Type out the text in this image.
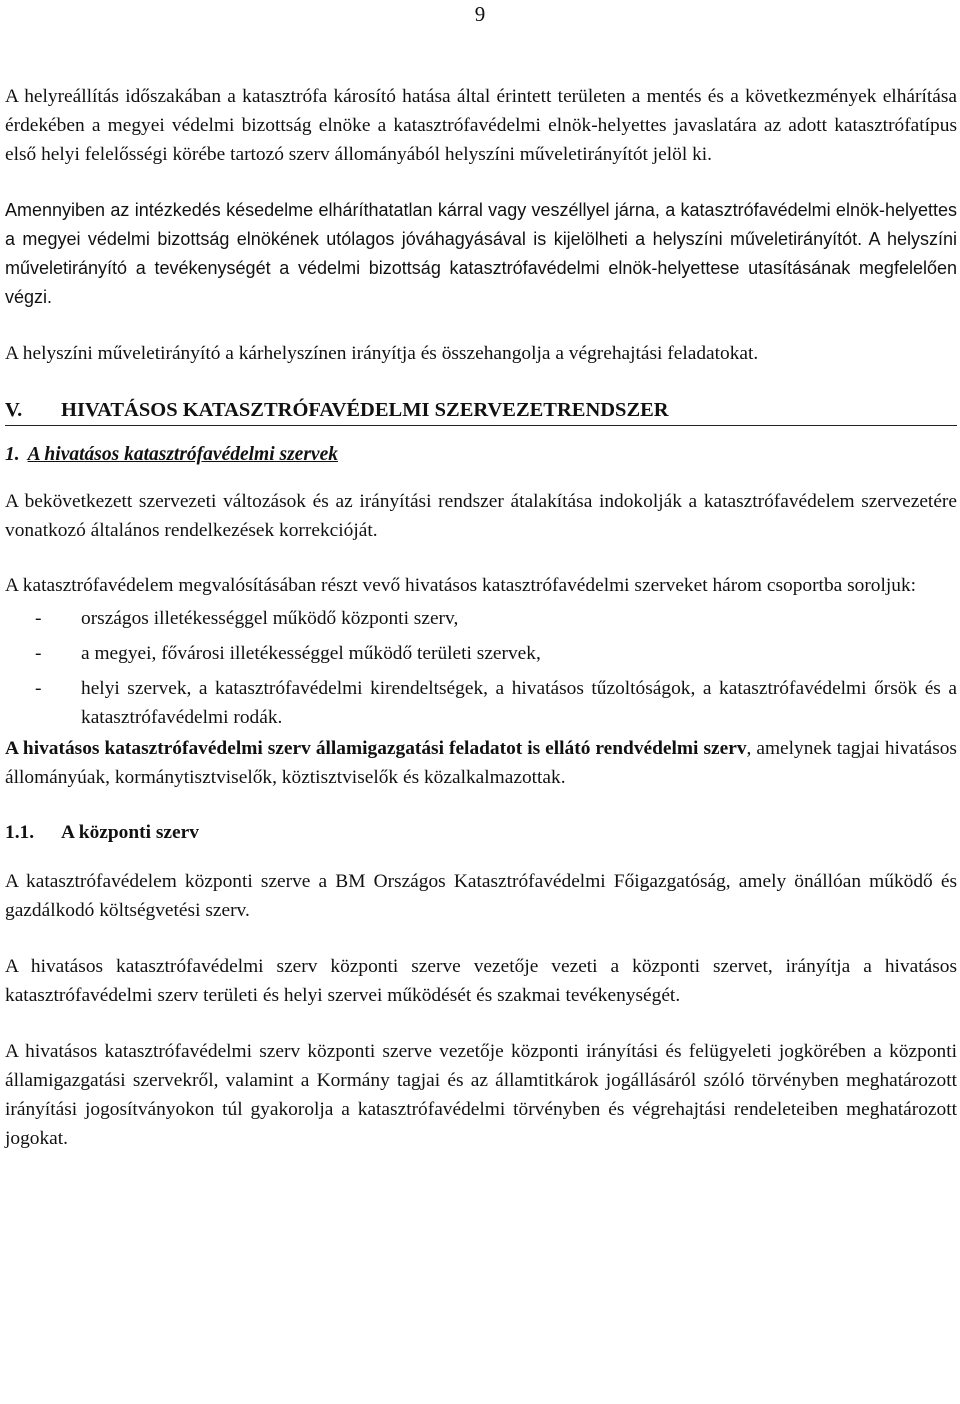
9

A helyreállítás időszakában a katasztrófa károsító hatása által érintett területen a mentés és a következmények elhárítása érdekében a megyei védelmi bizottság elnöke a katasztrófavédelmi elnök-helyettes javaslatára az adott katasztrófatípus első helyi felelősségi körébe tartozó szerv állományából helyszíni műveletirányítót jelöl ki.

Amennyiben az intézkedés késedelme elháríthatatlan kárral vagy veszéllyel járna, a katasztrófavédelmi elnök-helyettes a megyei védelmi bizottság elnökének utólagos jóváhagyásával is kijelölheti a helyszíni műveletirányítót. A helyszíni műveletirányító a tevékenységét a védelmi bizottság katasztrófavédelmi elnök-helyettese utasításának megfelelően végzi.

A helyszíni műveletirányító a kárhelyszínen irányítja és összehangolja a végrehajtási feladatokat.

V.	HIVATÁSOS KATASZTRÓFAVÉDELMI SZERVEZETRENDSZER
1. A hivatásos katasztrófavédelmi szervek

A bekövetkezett szervezeti változások és az irányítási rendszer átalakítása indokolják a katasztrófavédelem szervezetére vonatkozó általános rendelkezések korrekcióját.

A katasztrófavédelem megvalósításában részt vevő hivatásos katasztrófavédelmi szerveket három csoportba soroljuk:

-	országos illetékességgel működő központi szerv,
-	a megyei, fővárosi illetékességgel működő területi szervek,
-	helyi szervek, a katasztrófavédelmi kirendeltségek, a hivatásos tűzoltóságok, a katasztrófavédelmi őrsök és a katasztrófavédelmi rodák.

A hivatásos katasztrófavédelmi szerv államigazgatási feladatot is ellátó rendvédelmi szerv, amelynek tagjai hivatásos állományúak, kormánytisztviselők, köztisztviselők és közalkalmazottak.

1.1.	A központi szerv

A katasztrófavédelem központi szerve a BM Országos Katasztrófavédelmi Főigazgatóság, amely önállóan működő és gazdálkodó költségvetési szerv.

A hivatásos katasztrófavédelmi szerv központi szerve vezetője vezeti a központi szervet, irányítja a hivatásos katasztrófavédelmi szerv területi és helyi szervei működését és szakmai tevékenységét.

A hivatásos katasztrófavédelmi szerv központi szerve vezetője központi irányítási és felügyeleti jogkörében a központi államigazgatási szervekről, valamint a Kormány tagjai és az államtitkárok jogállásáról szóló törvényben meghatározott irányítási jogosítványokon túl gyakorolja a katasztrófavédelmi törvényben és végrehajtási rendeleteiben meghatározott jogokat.
